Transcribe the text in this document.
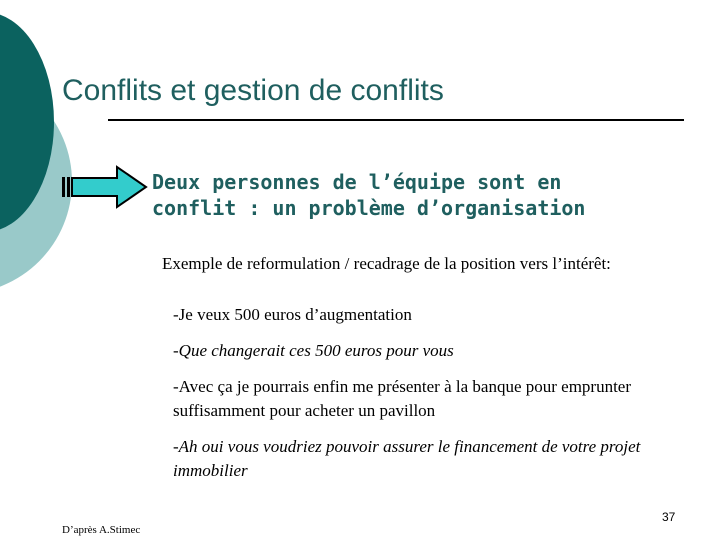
Conflits et gestion de conflits
Deux personnes de l’équipe sont en
conflit : un problème d’organisation
Exemple de reformulation / recadrage de la position vers l’intérêt:
-Je veux 500 euros d’augmentation
-Que changerait ces 500 euros pour vous
-Avec ça je pourrais enfin me présenter à la banque pour emprunter suffisamment pour acheter un pavillon
-Ah oui vous voudriez pouvoir assurer le financement de votre projet immobilier
D’après A.Stimec
37
